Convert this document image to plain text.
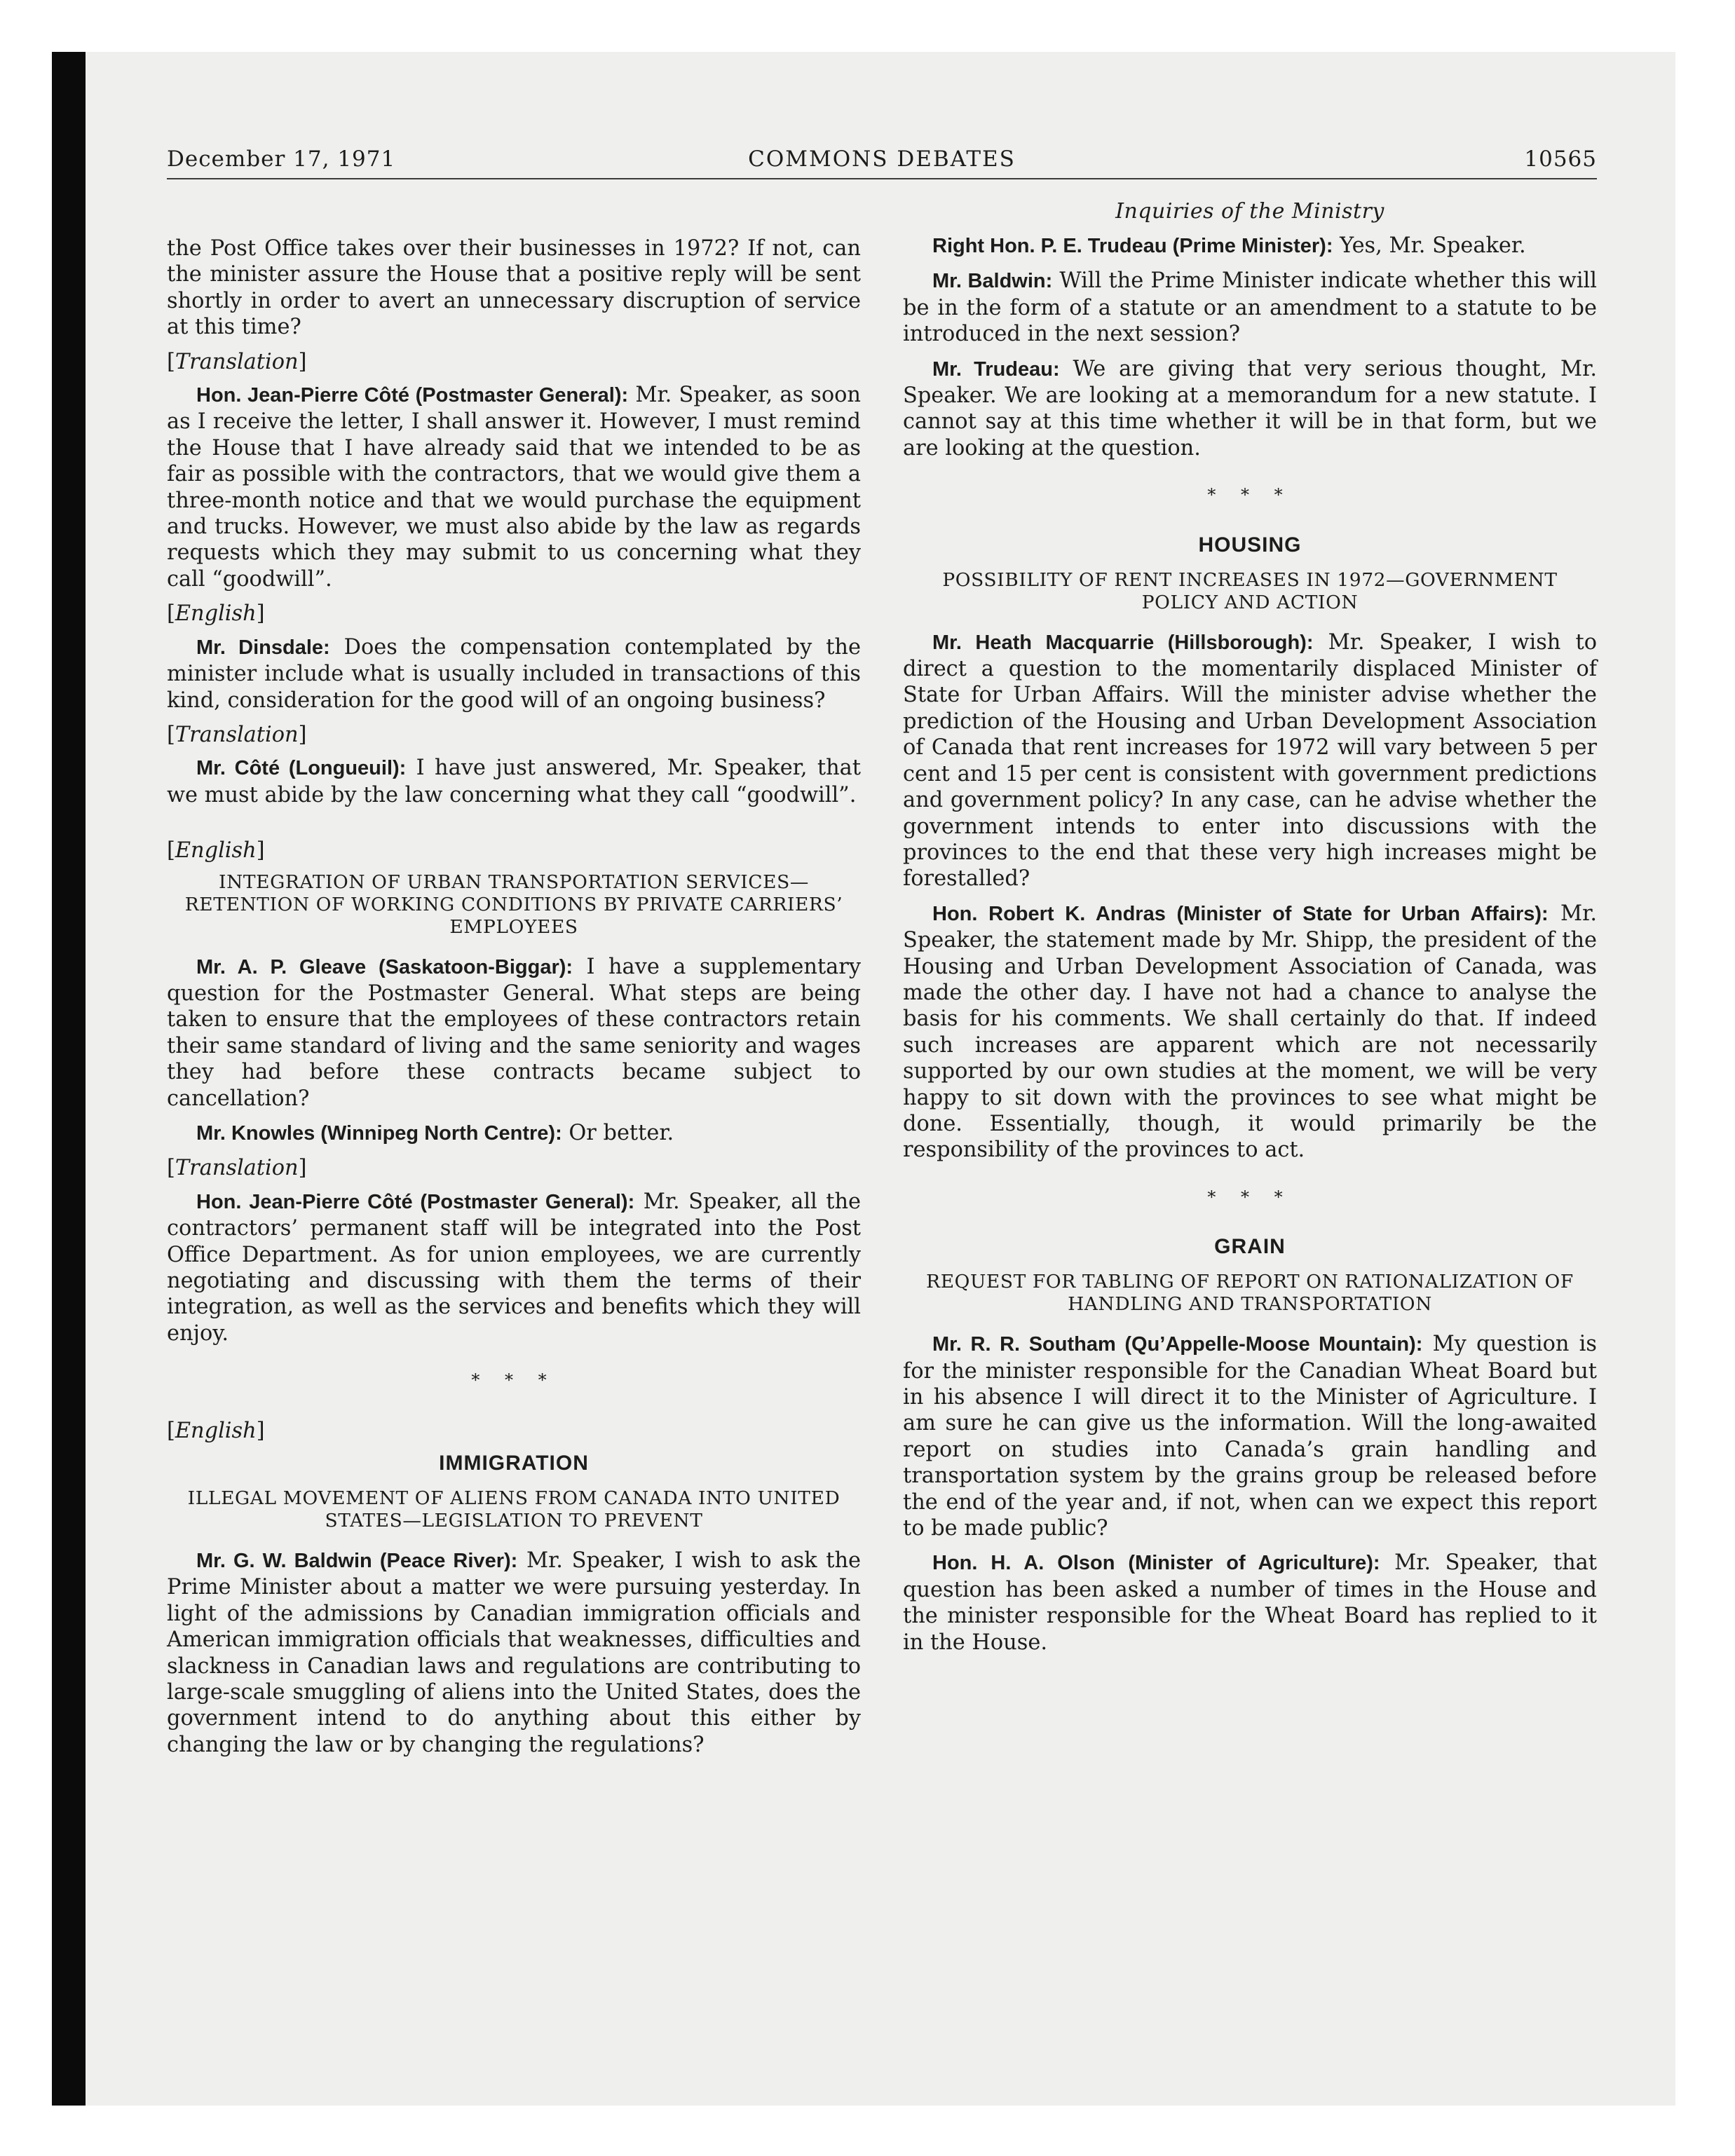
COMMONS DEBATES
December 17, 1971	10565

the Post Office takes over their businesses in 1972? If not, can the minister assure the House that a positive reply will be sent shortly in order to avert an unnecessary discruption of service at this time?

[Translation]

Hon. Jean-Pierre Côté (Postmaster General): Mr. Speaker, as soon as I receive the letter, I shall answer it. However, I must remind the House that I have already said that we intended to be as fair as possible with the contractors, that we would give them a three-month notice and that we would purchase the equipment and trucks. However, we must also abide by the law as regards requests which they may submit to us concerning what they call “goodwill”.

[English]

Mr. Dinsdale: Does the compensation contemplated by the minister include what is usually included in transactions of this kind, consideration for the good will of an ongoing business?

[Translation]

Mr. Côté (Longueuil): I have just answered, Mr. Speaker, that we must abide by the law concerning what they call “goodwill”.

[English]
INTEGRATION OF URBAN TRANSPORTATION SERVICES—RETENTION OF WORKING CONDITIONS BY PRIVATE CARRIERS’ EMPLOYEES

Mr. A. P. Gleave (Saskatoon-Biggar): I have a supplementary question for the Postmaster General. What steps are being taken to ensure that the employees of these contractors retain their same standard of living and the same seniority and wages they had before these contracts became subject to cancellation?

Mr. Knowles (Winnipeg North Centre): Or better.

[Translation]

Hon. Jean-Pierre Côté (Postmaster General): Mr. Speaker, all the contractors’ permanent staff will be integrated into the Post Office Department. As for union employees, we are currently negotiating and discussing with them the terms of their integration, as well as the services and benefits which they will enjoy.

* * *
[English]
IMMIGRATION
ILLEGAL MOVEMENT OF ALIENS FROM CANADA INTO UNITED STATES—LEGISLATION TO PREVENT

Mr. G. W. Baldwin (Peace River): Mr. Speaker, I wish to ask the Prime Minister about a matter we were pursuing yesterday. In light of the admissions by Canadian immigration officials and American immigration officials that weaknesses, difficulties and slackness in Canadian laws and regulations are contributing to large-scale smuggling of aliens into the United States, does the government intend to do anything about this either by changing the law or by changing the regulations?

Inquiries of the Ministry

Right Hon. P. E. Trudeau (Prime Minister): Yes, Mr. Speaker.

Mr. Baldwin: Will the Prime Minister indicate whether this will be in the form of a statute or an amendment to a statute to be introduced in the next session?

Mr. Trudeau: We are giving that very serious thought, Mr. Speaker. We are looking at a memorandum for a new statute. I cannot say at this time whether it will be in that form, but we are looking at the question.

* * *
HOUSING
POSSIBILITY OF RENT INCREASES IN 1972—GOVERNMENT POLICY AND ACTION

Mr. Heath Macquarrie (Hillsborough): Mr. Speaker, I wish to direct a question to the momentarily displaced Minister of State for Urban Affairs. Will the minister advise whether the prediction of the Housing and Urban Development Association of Canada that rent increases for 1972 will vary between 5 per cent and 15 per cent is consistent with government predictions and government policy? In any case, can he advise whether the government intends to enter into discussions with the provinces to the end that these very high increases might be forestalled?

Hon. Robert K. Andras (Minister of State for Urban Affairs): Mr. Speaker, the statement made by Mr. Shipp, the president of the Housing and Urban Development Association of Canada, was made the other day. I have not had a chance to analyse the basis for his comments. We shall certainly do that. If indeed such increases are apparent which are not necessarily supported by our own studies at the moment, we will be very happy to sit down with the provinces to see what might be done. Essentially, though, it would primarily be the responsibility of the provinces to act.

* * *
GRAIN
REQUEST FOR TABLING OF REPORT ON RATIONALIZATION OF HANDLING AND TRANSPORTATION

Mr. R. R. Southam (Qu’Appelle-Moose Mountain): My question is for the minister responsible for the Canadian Wheat Board but in his absence I will direct it to the Minister of Agriculture. I am sure he can give us the information. Will the long-awaited report on studies into Canada’s grain handling and transportation system by the grains group be released before the end of the year and, if not, when can we expect this report to be made public?

Hon. H. A. Olson (Minister of Agriculture): Mr. Speaker, that question has been asked a number of times in the House and the minister responsible for the Wheat Board has replied to it in the House.
